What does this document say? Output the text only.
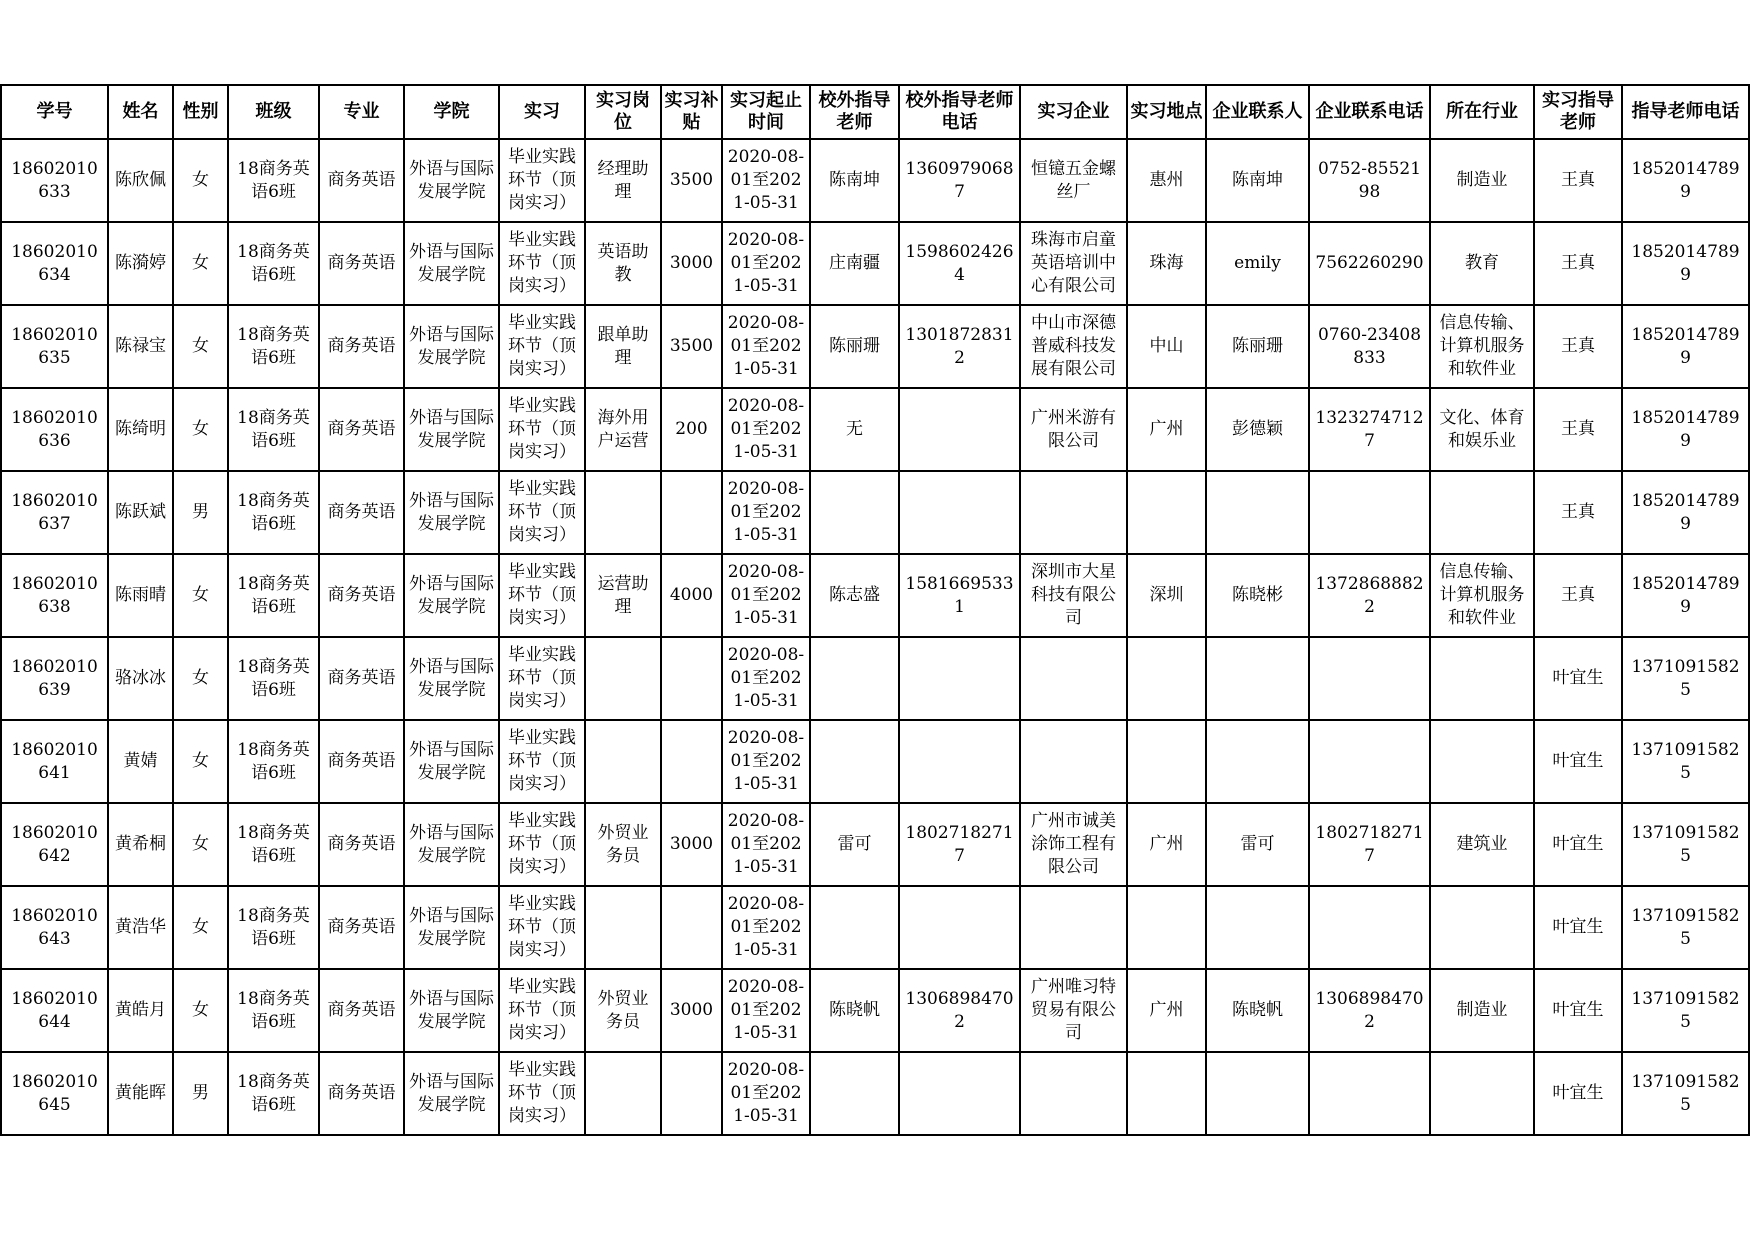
学号	姓名	性别	班级	专业	学院	实习	实习岗位	实习补贴	实习起止时间	校外指导老师	校外指导老师电话	实习企业	实习地点	企业联系人	企业联系电话	所在行业	实习指导老师	指导老师电话

18602010633	陈欣佩	女	18商务英语6班	商务英语	外语与国际发展学院	毕业实践环节（顶岗实习）	经理助理	3500	2020-08-01至2021-05-31	陈南坤	13609790687	恒镱五金螺丝厂	惠州	陈南坤	0752-8552198	制造业	王真	18520147899

18602010634	陈漪婷	女	18商务英语6班	商务英语	外语与国际发展学院	毕业实践环节（顶岗实习）	英语助教	3000	2020-08-01至2021-05-31	庄南疆	15986024264	珠海市启童英语培训中心有限公司	珠海	emily	7562260290	教育	王真	18520147899

18602010635	陈禄宝	女	18商务英语6班	商务英语	外语与国际发展学院	毕业实践环节（顶岗实习）	跟单助理	3500	2020-08-01至2021-05-31	陈丽珊	13018728312	中山市深德普威科技发展有限公司	中山	陈丽珊	0760-23408833	信息传输、计算机服务和软件业	王真	18520147899

18602010636	陈绮明	女	18商务英语6班	商务英语	外语与国际发展学院	毕业实践环节（顶岗实习）	海外用户运营	200	2020-08-01至2021-05-31	无		广州米游有限公司	广州	彭德颖	13232747127	文化、体育和娱乐业	王真	18520147899

18602010637	陈跃斌	男	18商务英语6班	商务英语	外语与国际发展学院	毕业实践环节（顶岗实习）			2020-08-01至2021-05-31								王真	18520147899

18602010638	陈雨晴	女	18商务英语6班	商务英语	外语与国际发展学院	毕业实践环节（顶岗实习）	运营助理	4000	2020-08-01至2021-05-31	陈志盛	15816695331	深圳市大星科技有限公司	深圳	陈晓彬	13728688822	信息传输、计算机服务和软件业	王真	18520147899

18602010639	骆冰冰	女	18商务英语6班	商务英语	外语与国际发展学院	毕业实践环节（顶岗实习）			2020-08-01至2021-05-31								叶宜生	13710915825

18602010641	黄婧	女	18商务英语6班	商务英语	外语与国际发展学院	毕业实践环节（顶岗实习）			2020-08-01至2021-05-31								叶宜生	13710915825

18602010642	黄希桐	女	18商务英语6班	商务英语	外语与国际发展学院	毕业实践环节（顶岗实习）	外贸业务员	3000	2020-08-01至2021-05-31	雷可	18027182717	广州市诚美涂饰工程有限公司	广州	雷可	18027182717	建筑业	叶宜生	13710915825

18602010643	黄浩华	女	18商务英语6班	商务英语	外语与国际发展学院	毕业实践环节（顶岗实习）			2020-08-01至2021-05-31								叶宜生	13710915825

18602010644	黄皓月	女	18商务英语6班	商务英语	外语与国际发展学院	毕业实践环节（顶岗实习）	外贸业务员	3000	2020-08-01至2021-05-31	陈晓帆	13068984702	广州唯习特贸易有限公司	广州	陈晓帆	13068984702	制造业	叶宜生	13710915825

18602010645	黄能晖	男	18商务英语6班	商务英语	外语与国际发展学院	毕业实践环节（顶岗实习）			2020-08-01至2021-05-31								叶宜生	13710915825
